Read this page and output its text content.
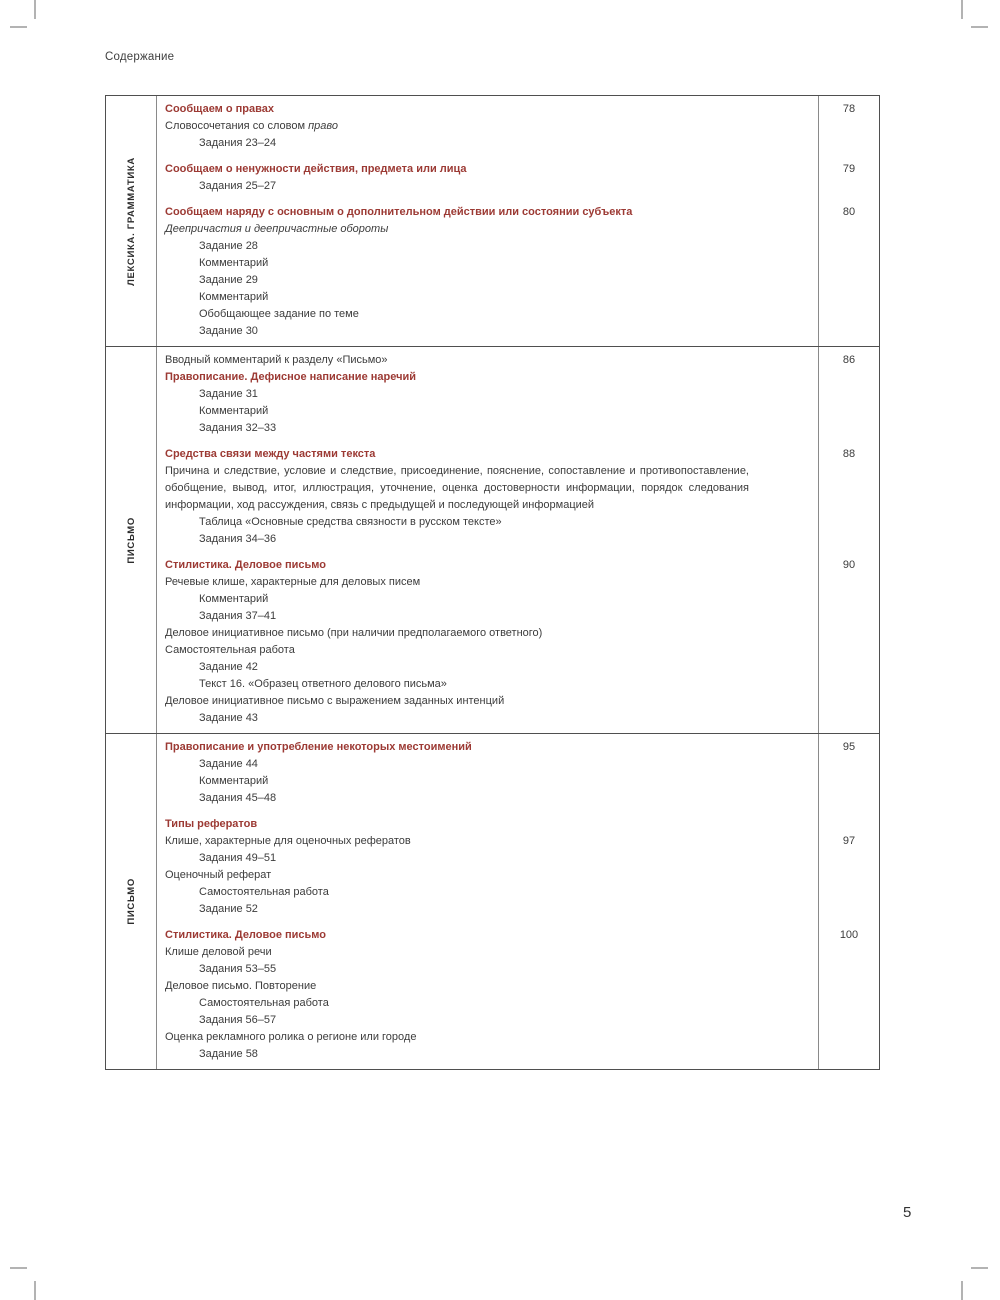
Содержание
ЛЕКСИКА. ГРАММАТИКА
Сообщаем о правах	78
Словосочетания со словом право
Задания 23–24
Сообщаем о ненужности действия, предмета или лица	79
Задания 25–27
Сообщаем наряду с основным о дополнительном действии или состоянии субъекта	80
Деепричастия и деепричастные обороты
Задание 28
Комментарий
Задание 29
Комментарий
Обобщающее задание по теме
Задание 30
ПИСЬМО
Вводный комментарий к разделу «Письмо»	86
Правописание. Дефисное написание наречий
Задание 31
Комментарий
Задания 32–33
Средства связи между частями текста	88
Причина и следствие, условие и следствие, присоединение, пояснение, сопоставление и противопоставление, обобщение, вывод, итог, иллюстрация, уточнение, оценка достоверности информации, порядок следования информации, ход рассуждения, связь с предыдущей и последующей информацией
Таблица «Основные средства связности в русском тексте»
Задания 34–36
Стилистика. Деловое письмо	90
Речевые клише, характерные для деловых писем
Комментарий
Задания 37–41
Деловое инициативное письмо (при наличии предполагаемого ответного)
Самостоятельная работа
Задание 42
Текст 16. «Образец ответного делового письма»
Деловое инициативное письмо с выражением заданных интенций
Задание 43
ПИСЬМО
Правописание и употребление некоторых местоимений	95
Задание 44
Комментарий
Задания 45–48
Типы рефератов
Клише, характерные для оценочных рефератов	97
Задания 49–51
Оценочный реферат
Самостоятельная работа
Задание 52
Стилистика. Деловое письмо	100
Клише деловой речи
Задания 53–55
Деловое письмо. Повторение
Самостоятельная работа
Задания 56–57
Оценка рекламного ролика о регионе или городе
Задание 58
5
